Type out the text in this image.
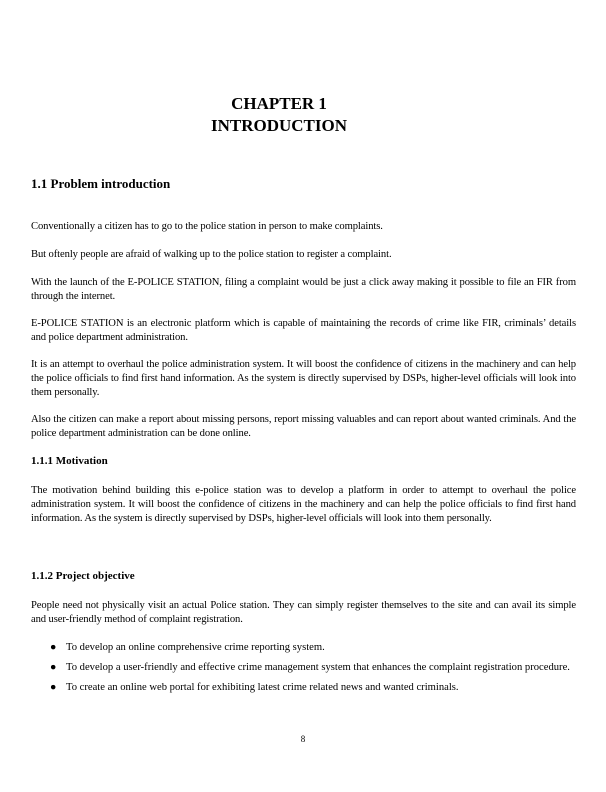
CHAPTER 1
INTRODUCTION
1.1 Problem introduction
Conventionally a citizen has to go to the police station in person to make complaints.
But oftenly people are afraid of walking up to the police station to register a complaint.
With the launch of the E-POLICE STATION, filing a complaint would be just a click away making it possible to file an FIR from through the internet.
E-POLICE STATION is an electronic platform which is capable of maintaining the records of crime like FIR, criminals’ details and police department administration.
It is an attempt to overhaul the police administration system. It will boost the confidence of citizens in the machinery and can help the police officials to find first hand information. As the system is directly supervised by DSPs, higher-level officials will look into them personally.
Also the citizen can make a report about missing persons, report missing valuables and can report about wanted criminals. And the police department administration can be done online.
1.1.1 Motivation
The motivation behind building this e-police station was to develop a platform in order to attempt to overhaul the police administration system. It will boost the confidence of citizens in the machinery and can help the police officials to find first hand information. As the system is directly supervised by DSPs, higher-level officials will look into them personally.
1.1.2 Project objective
People need not physically visit an actual Police station. They can simply register themselves to the site and can avail its simple and user-friendly method of complaint registration.
● To develop an online comprehensive crime reporting system.
● To develop a user-friendly and effective crime management system that enhances the complaint registration procedure.
● To create an online web portal for exhibiting latest crime related news and wanted criminals.
8
